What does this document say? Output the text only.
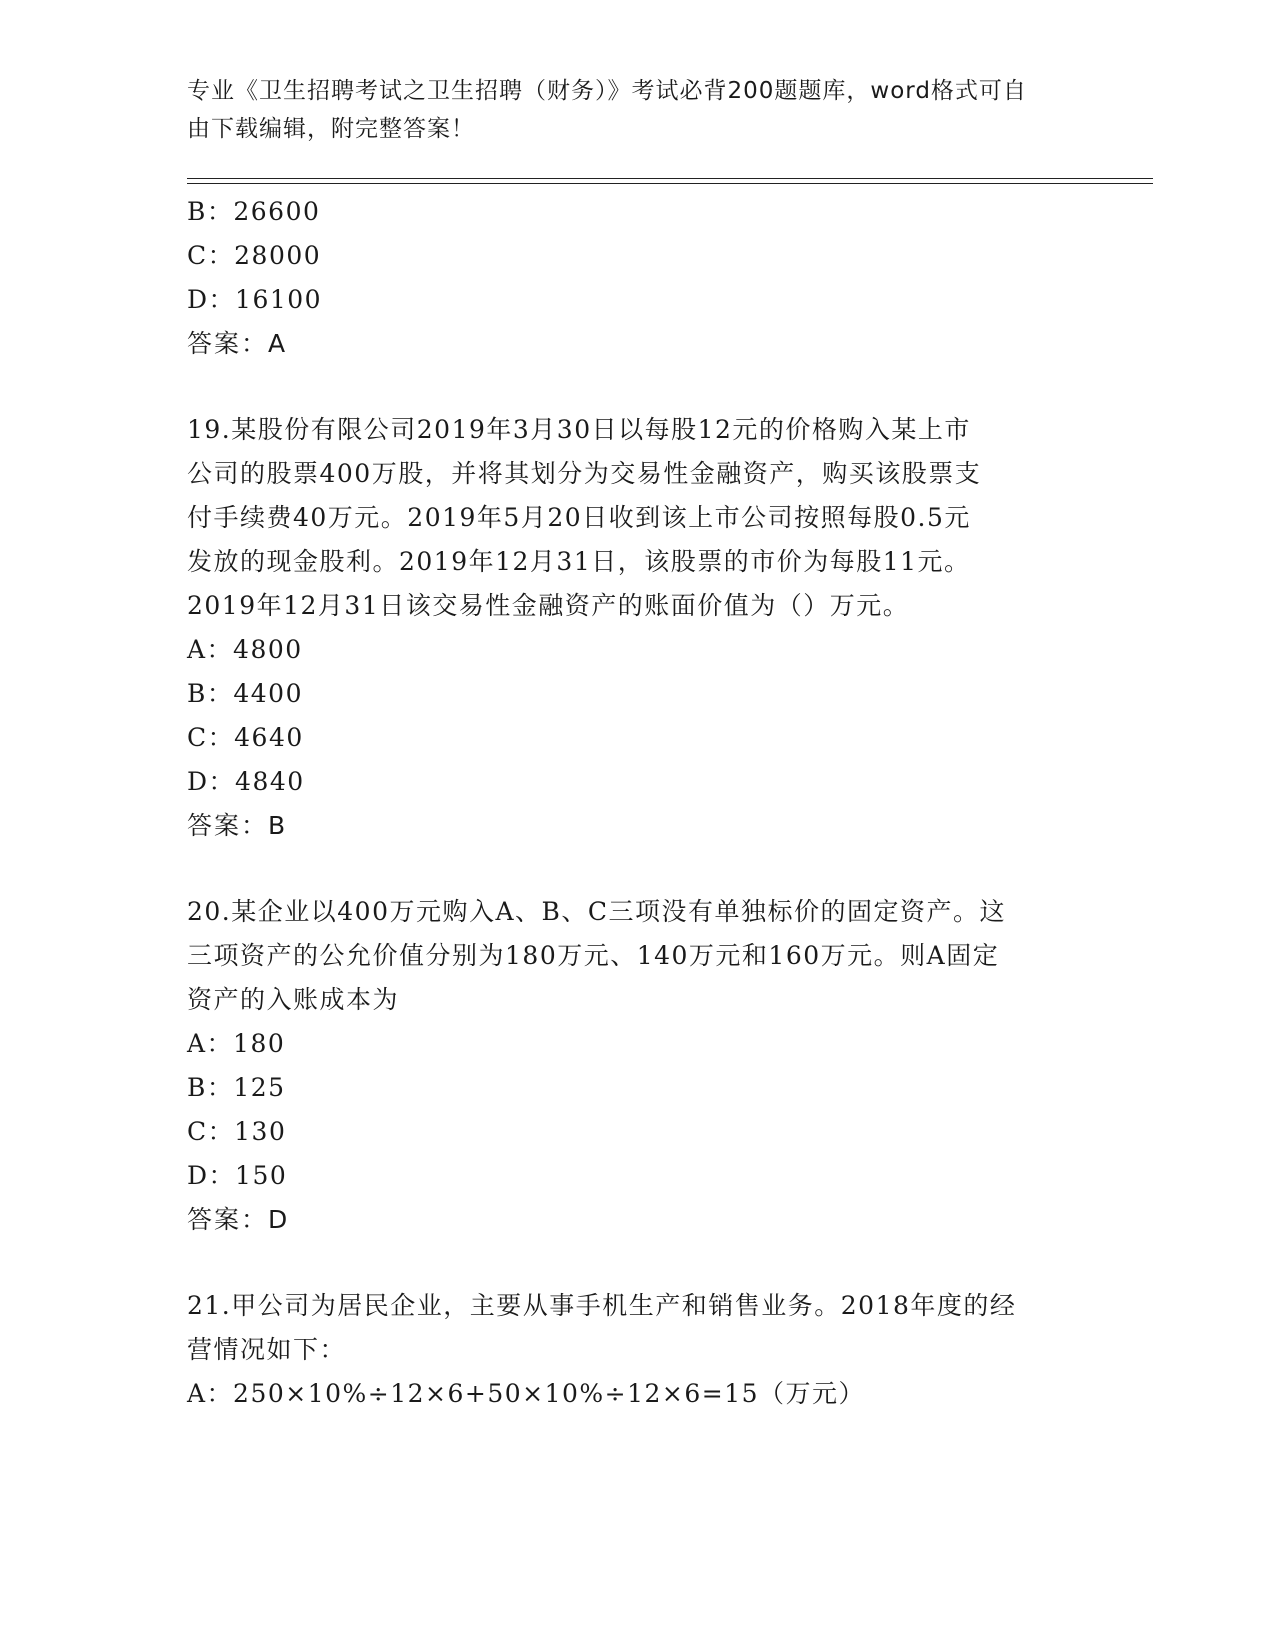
专业《卫生招聘考试之卫生招聘（财务）》考试必背200题题库，word格式可自
由下载编辑，附完整答案！
B：26600
C：28000
D：16100
答案：A
19.某股份有限公司2019年3月30日以每股12元的价格购入某上市
公司的股票400万股，并将其划分为交易性金融资产，购买该股票支
付手续费40万元。2019年5月20日收到该上市公司按照每股0.5元
发放的现金股利。2019年12月31日，该股票的市价为每股11元。
2019年12月31日该交易性金融资产的账面价值为（）万元。
A：4800
B：4400
C：4640
D：4840
答案：B
20.某企业以400万元购入A、B、C三项没有单独标价的固定资产。这
三项资产的公允价值分别为180万元、140万元和160万元。则A固定
资产的入账成本为
A：180
B：125
C：130
D：150
答案：D
21.甲公司为居民企业，主要从事手机生产和销售业务。2018年度的经
营情况如下：
A：250×10%÷12×6+50×10%÷12×6=15（万元）
